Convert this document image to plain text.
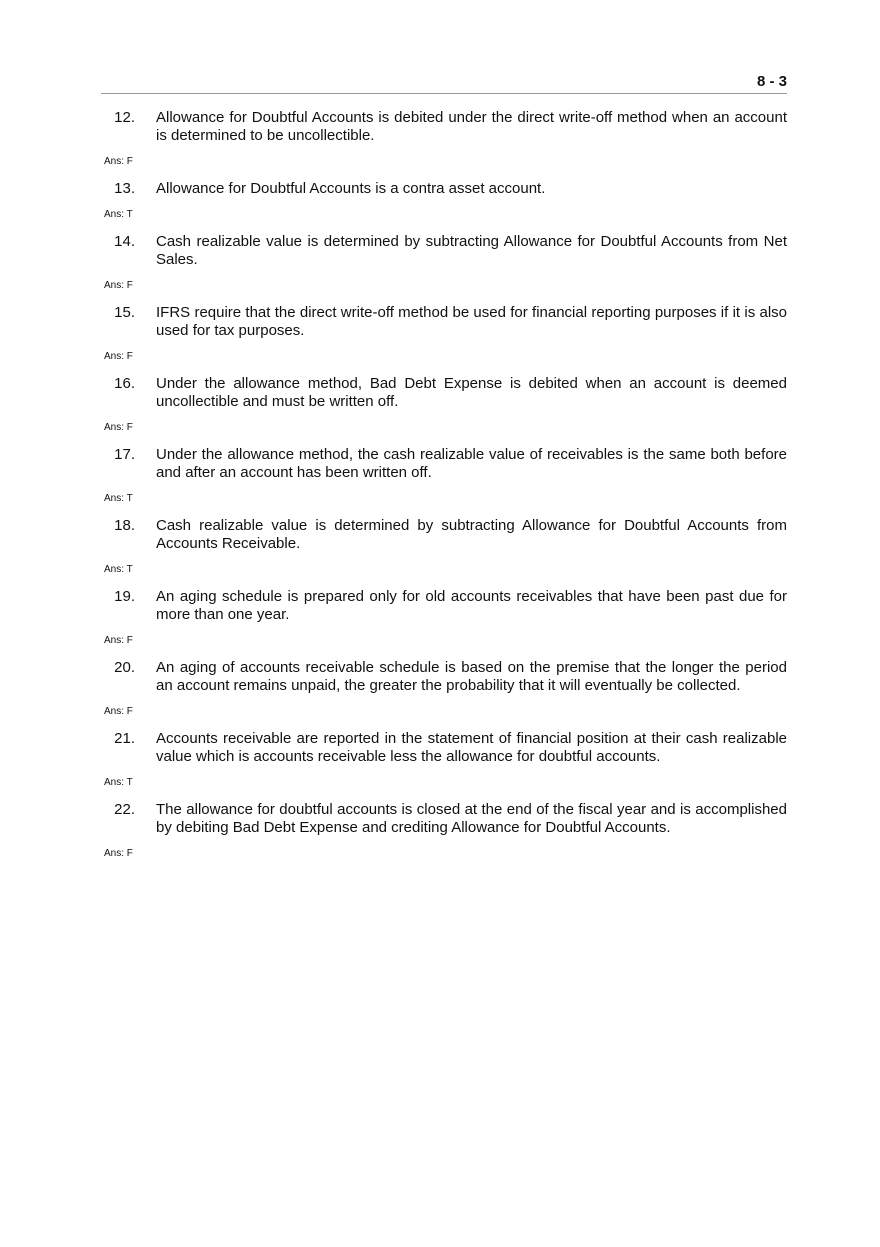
8 - 3
12. Allowance for Doubtful Accounts is debited under the direct write-off method when an account is determined to be uncollectible.
Ans: F
13. Allowance for Doubtful Accounts is a contra asset account.
Ans: T
14. Cash realizable value is determined by subtracting Allowance for Doubtful Accounts from Net Sales.
Ans: F
15. IFRS require that the direct write-off method be used for financial reporting purposes if it is also used for tax purposes.
Ans: F
16. Under the allowance method, Bad Debt Expense is debited when an account is deemed uncollectible and must be written off.
Ans: F
17. Under the allowance method, the cash realizable value of receivables is the same both before and after an account has been written off.
Ans: T
18. Cash realizable value is determined by subtracting Allowance for Doubtful Accounts from Accounts Receivable.
Ans: T
19. An aging schedule is prepared only for old accounts receivables that have been past due for more than one year.
Ans: F
20. An aging of accounts receivable schedule is based on the premise that the longer the period an account remains unpaid, the greater the probability that it will eventually be collected.
Ans: F
21. Accounts receivable are reported in the statement of financial position at their cash realizable value which is accounts receivable less the allowance for doubtful accounts.
Ans: T
22. The allowance for doubtful accounts is closed at the end of the fiscal year and is accomplished by debiting Bad Debt Expense and crediting Allowance for Doubtful Accounts.
Ans: F
